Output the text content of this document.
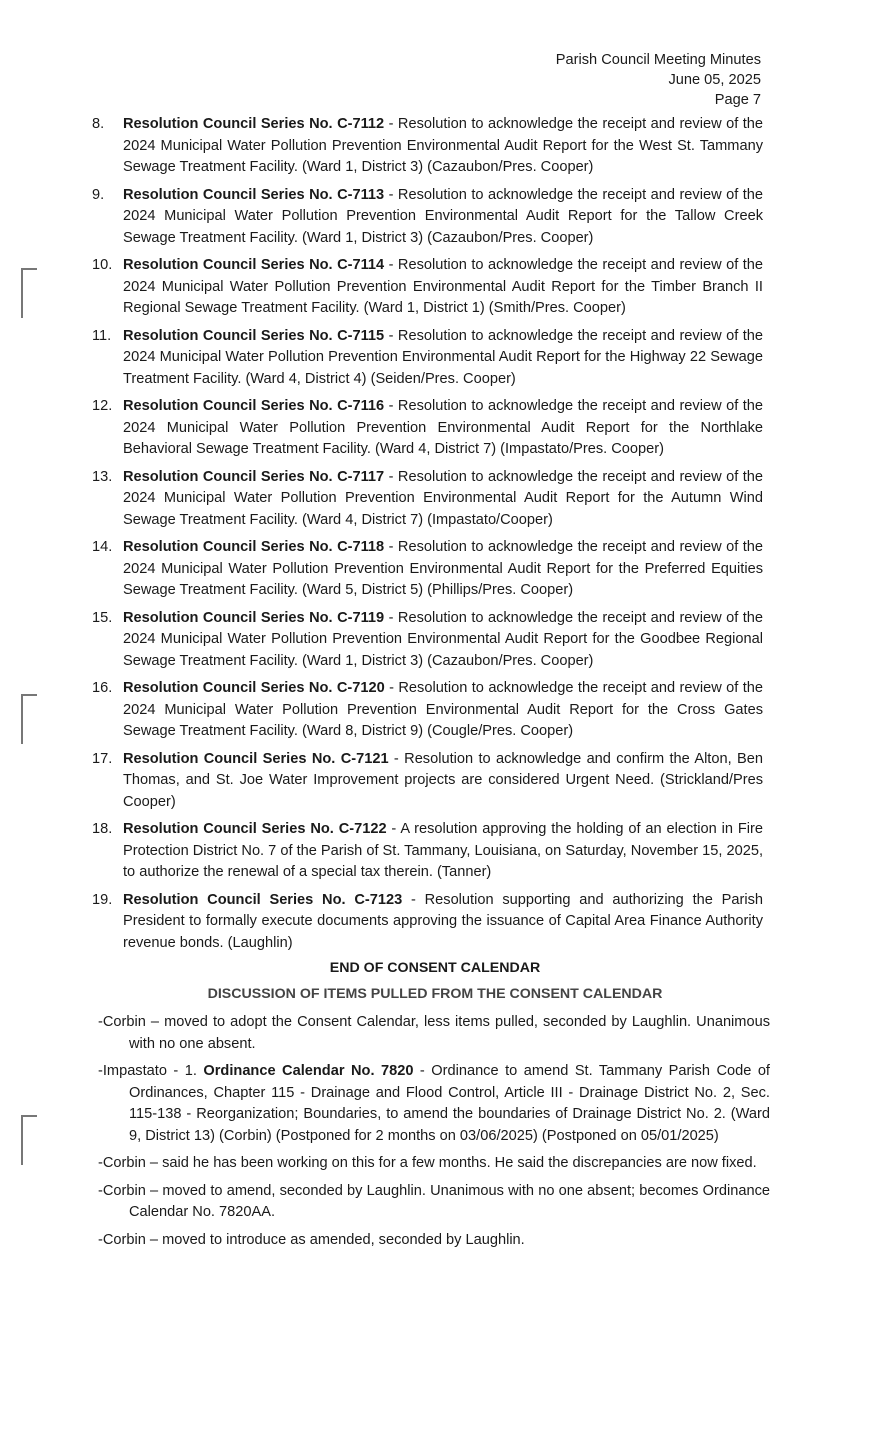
Parish Council Meeting Minutes
June 05, 2025
Page 7
8. Resolution Council Series No. C-7112 - Resolution to acknowledge the receipt and review of the 2024 Municipal Water Pollution Prevention Environmental Audit Report for the West St. Tammany Sewage Treatment Facility. (Ward 1, District 3) (Cazaubon/Pres. Cooper)
9. Resolution Council Series No. C-7113 - Resolution to acknowledge the receipt and review of the 2024 Municipal Water Pollution Prevention Environmental Audit Report for the Tallow Creek Sewage Treatment Facility. (Ward 1, District 3) (Cazaubon/Pres. Cooper)
10. Resolution Council Series No. C-7114 - Resolution to acknowledge the receipt and review of the 2024 Municipal Water Pollution Prevention Environmental Audit Report for the Timber Branch II Regional Sewage Treatment Facility. (Ward 1, District 1) (Smith/Pres. Cooper)
11. Resolution Council Series No. C-7115 - Resolution to acknowledge the receipt and review of the 2024 Municipal Water Pollution Prevention Environmental Audit Report for the Highway 22 Sewage Treatment Facility. (Ward 4, District 4) (Seiden/Pres. Cooper)
12. Resolution Council Series No. C-7116 - Resolution to acknowledge the receipt and review of the 2024 Municipal Water Pollution Prevention Environmental Audit Report for the Northlake Behavioral Sewage Treatment Facility. (Ward 4, District 7) (Impastato/Pres. Cooper)
13. Resolution Council Series No. C-7117 - Resolution to acknowledge the receipt and review of the 2024 Municipal Water Pollution Prevention Environmental Audit Report for the Autumn Wind Sewage Treatment Facility. (Ward 4, District 7) (Impastato/Cooper)
14. Resolution Council Series No. C-7118 - Resolution to acknowledge the receipt and review of the 2024 Municipal Water Pollution Prevention Environmental Audit Report for the Preferred Equities Sewage Treatment Facility. (Ward 5, District 5) (Phillips/Pres. Cooper)
15. Resolution Council Series No. C-7119 - Resolution to acknowledge the receipt and review of the 2024 Municipal Water Pollution Prevention Environmental Audit Report for the Goodbee Regional Sewage Treatment Facility. (Ward 1, District 3) (Cazaubon/Pres. Cooper)
16. Resolution Council Series No. C-7120 - Resolution to acknowledge the receipt and review of the 2024 Municipal Water Pollution Prevention Environmental Audit Report for the Cross Gates Sewage Treatment Facility. (Ward 8, District 9) (Cougle/Pres. Cooper)
17. Resolution Council Series No. C-7121 - Resolution to acknowledge and confirm the Alton, Ben Thomas, and St. Joe Water Improvement projects are considered Urgent Need. (Strickland/Pres Cooper)
18. Resolution Council Series No. C-7122 - A resolution approving the holding of an election in Fire Protection District No. 7 of the Parish of St. Tammany, Louisiana, on Saturday, November 15, 2025, to authorize the renewal of a special tax therein. (Tanner)
19. Resolution Council Series No. C-7123 - Resolution supporting and authorizing the Parish President to formally execute documents approving the issuance of Capital Area Finance Authority revenue bonds. (Laughlin)
END OF CONSENT CALENDAR
DISCUSSION OF ITEMS PULLED FROM THE CONSENT CALENDAR
-Corbin – moved to adopt the Consent Calendar, less items pulled, seconded by Laughlin. Unanimous with no one absent.
-Impastato - 1. Ordinance Calendar No. 7820 - Ordinance to amend St. Tammany Parish Code of Ordinances, Chapter 115 - Drainage and Flood Control, Article III - Drainage District No. 2, Sec. 115-138 - Reorganization; Boundaries, to amend the boundaries of Drainage District No. 2. (Ward 9, District 13) (Corbin) (Postponed for 2 months on 03/06/2025) (Postponed on 05/01/2025)
-Corbin – said he has been working on this for a few months. He said the discrepancies are now fixed.
-Corbin – moved to amend, seconded by Laughlin. Unanimous with no one absent; becomes Ordinance Calendar No. 7820AA.
-Corbin – moved to introduce as amended, seconded by Laughlin.
